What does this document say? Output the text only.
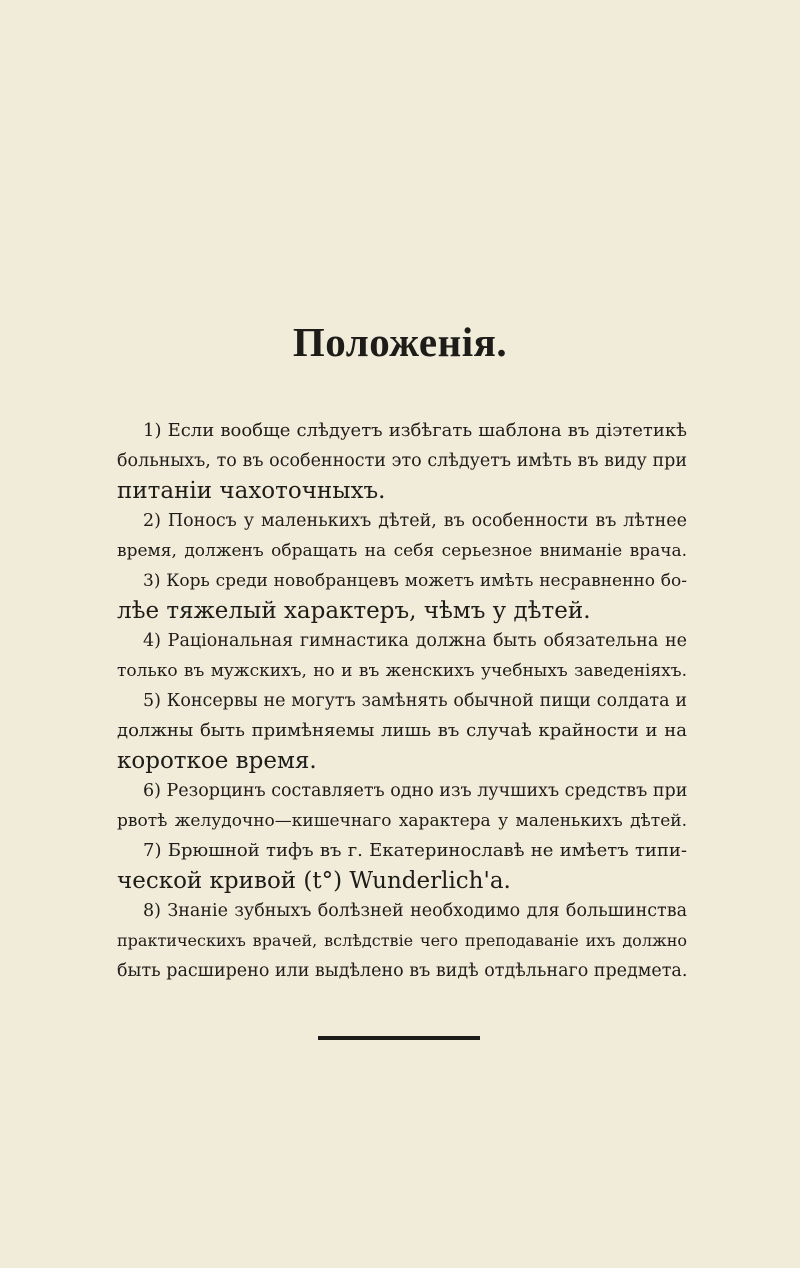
Положенія.
1) Если вообще слѣдуетъ избѣгать шаблона въ діэтетикѣ
больныхъ, то въ особенности это слѣдуетъ имѣть въ виду при
питаніи чахоточныхъ.
2) Поносъ у маленькихъ дѣтей, въ особенности въ лѣтнее
время, долженъ обращать на себя серьезное вниманіе врача.
3) Корь среди новобранцевъ можетъ имѣть несравненно бо-
лѣе тяжелый характеръ, чѣмъ у дѣтей.
4) Раціональная гимнастика должна быть обязательна не
только въ мужскихъ, но и въ женскихъ учебныхъ заведеніяхъ.
5) Консервы не могутъ замѣнять обычной пищи солдата и
должны быть примѣняемы лишь въ случаѣ крайности и на
короткое время.
6) Резорцинъ составляетъ одно изъ лучшихъ средствъ при
рвотѣ желудочно—кишечнаго характера у маленькихъ дѣтей.
7) Брюшной тифъ въ г. Екатеринославѣ не имѣетъ типи-
ческой кривой (t°) Wunderlich'a.
8) Знаніе зубныхъ болѣзней необходимо для большинства
практическихъ врачей, вслѣдствіе чего преподаваніе ихъ должно
быть расширено или выдѣлено въ видѣ отдѣльнаго предмета.
